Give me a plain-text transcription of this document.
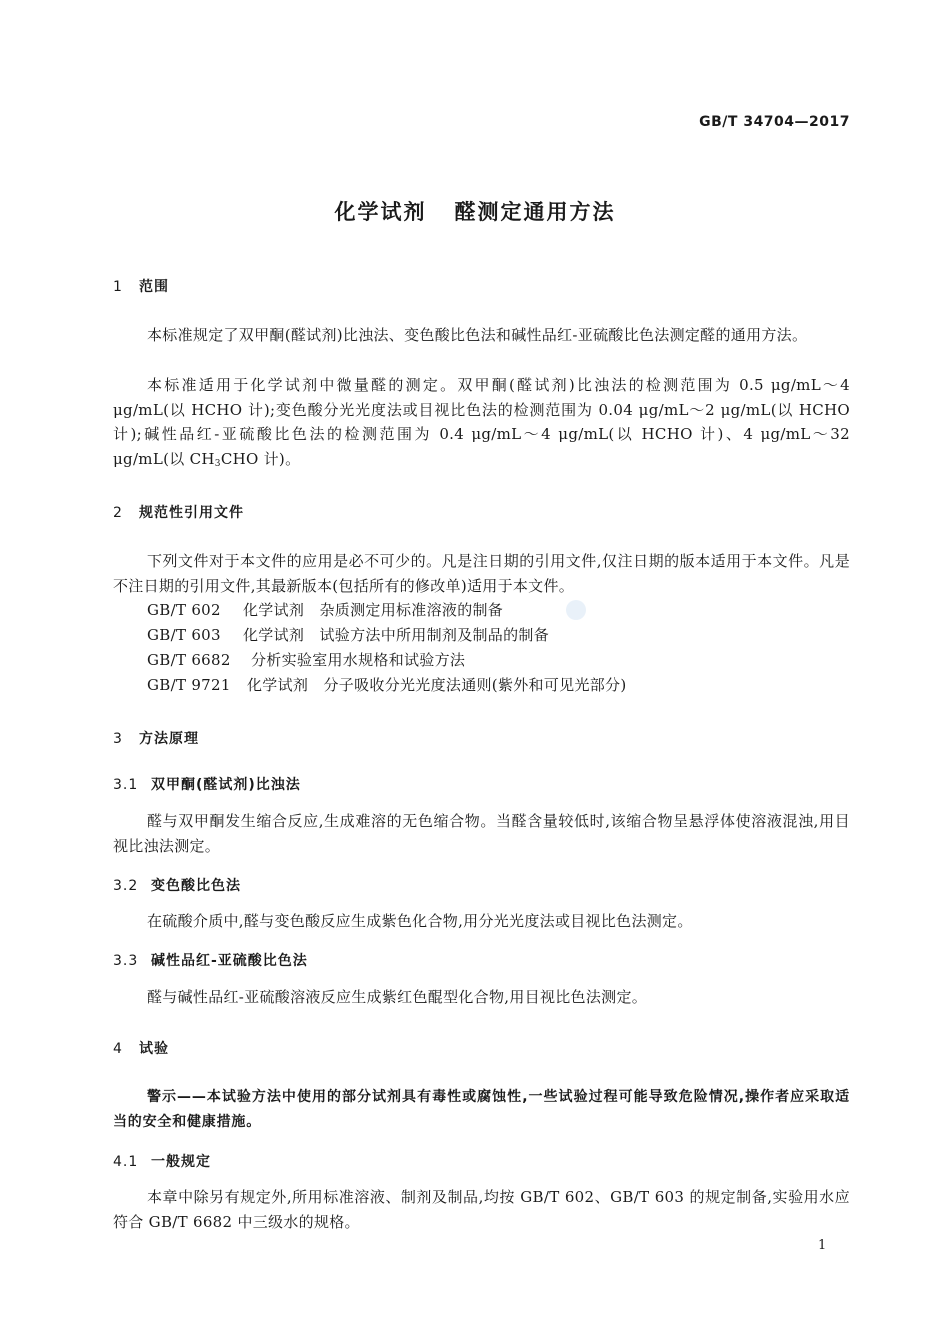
GB/T 34704—2017
化学试剂 醛测定通用方法
1 范围
本标准规定了双甲酮(醛试剂)比浊法、变色酸比色法和碱性品红-亚硫酸比色法测定醛的通用方法。
本标准适用于化学试剂中微量醛的测定。双甲酮(醛试剂)比浊法的检测范围为 0.5 μg/mL～4 μg/mL(以 HCHO 计);变色酸分光光度法或目视比色法的检测范围为 0.04 μg/mL～2 μg/mL(以 HCHO 计);碱性品红-亚硫酸比色法的检测范围为 0.4 μg/mL～4 μg/mL(以 HCHO 计)、4 μg/mL～32 μg/mL(以 $CH_3CHO$ 计)。
2 规范性引用文件
下列文件对于本文件的应用是必不可少的。凡是注日期的引用文件,仅注日期的版本适用于本文件。凡是不注日期的引用文件,其最新版本(包括所有的修改单)适用于本文件。
GB/T 602 化学试剂　杂质测定用标准溶液的制备
GB/T 603 化学试剂　试验方法中所用制剂及制品的制备
GB/T 6682 分析实验室用水规格和试验方法
GB/T 9721 化学试剂　分子吸收分光光度法通则(紫外和可见光部分)
3 方法原理
3.1 双甲酮(醛试剂)比浊法
醛与双甲酮发生缩合反应,生成难溶的无色缩合物。当醛含量较低时,该缩合物呈悬浮体使溶液混浊,用目视比浊法测定。
3.2 变色酸比色法
在硫酸介质中,醛与变色酸反应生成紫色化合物,用分光光度法或目视比色法测定。
3.3 碱性品红-亚硫酸比色法
醛与碱性品红-亚硫酸溶液反应生成紫红色醌型化合物,用目视比色法测定。
4 试验
警示——本试验方法中使用的部分试剂具有毒性或腐蚀性,一些试验过程可能导致危险情况,操作者应采取适当的安全和健康措施。
4.1 一般规定
本章中除另有规定外,所用标准溶液、制剂及制品,均按 GB/T 602、GB/T 603 的规定制备,实验用水应符合 GB/T 6682 中三级水的规格。
1
